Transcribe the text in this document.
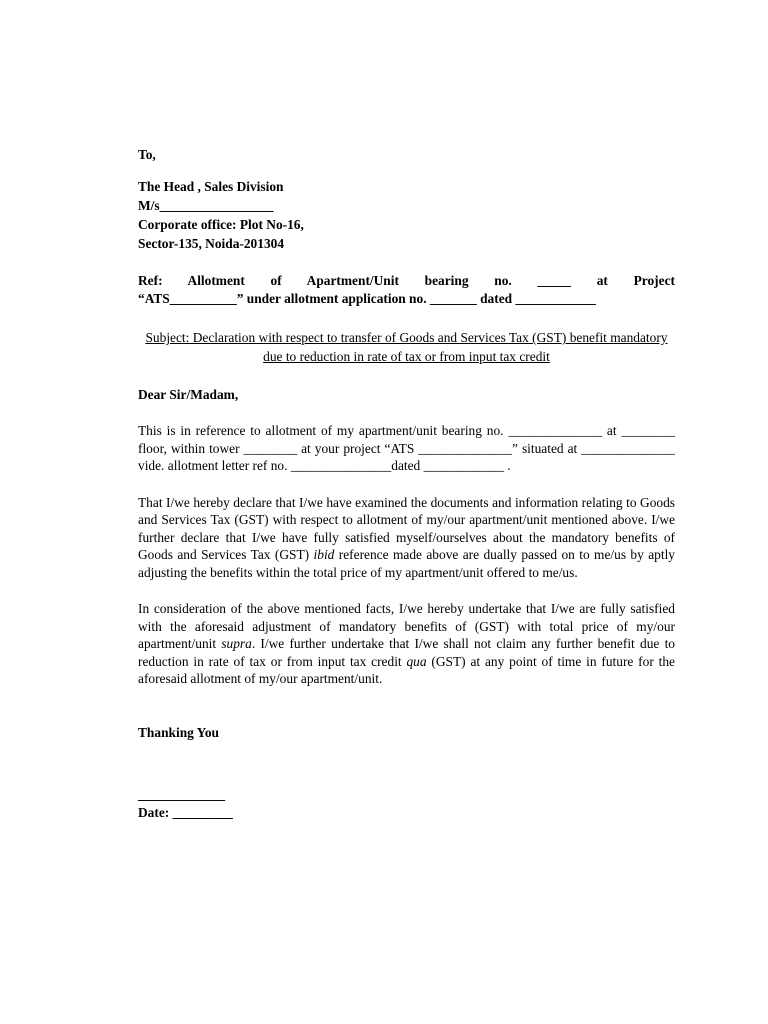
To,

The Head , Sales Division

M/s_________________

Corporate office: Plot No-16,

Sector-135, Noida-201304

Ref: Allotment of Apartment/Unit bearing no. _____ at Project

“ATS__________” under allotment application no. _______ dated ____________

Subject: Declaration with respect to transfer of Goods and Services Tax (GST) benefit mandatory due to reduction in rate of tax or from input tax credit

Dear Sir/Madam,

This is in reference to allotment of my apartment/unit bearing no. ______________ at ________ floor, within tower ________ at your project “ATS ______________” situated at ______________ vide. allotment letter ref no. _______________dated ____________ .

That I/we hereby declare that I/we have examined the documents and information relating to Goods and Services Tax (GST) with respect to allotment of my/our apartment/unit mentioned above. I/we further declare that I/we have fully satisfied myself/ourselves about the mandatory benefits of Goods and Services Tax (GST) ibid reference made above are dually passed on to me/us by aptly adjusting the benefits within the total price of my apartment/unit offered to me/us.

In consideration of the above mentioned facts, I/we hereby undertake that I/we are fully satisfied with the aforesaid adjustment of mandatory benefits of (GST) with total price of my/our apartment/unit supra. I/we further undertake that I/we shall not claim any further benefit due to reduction in rate of tax or from input tax credit qua (GST) at any point of time in future for the aforesaid allotment of my/our apartment/unit.

Thanking You

_____________

Date: _________
